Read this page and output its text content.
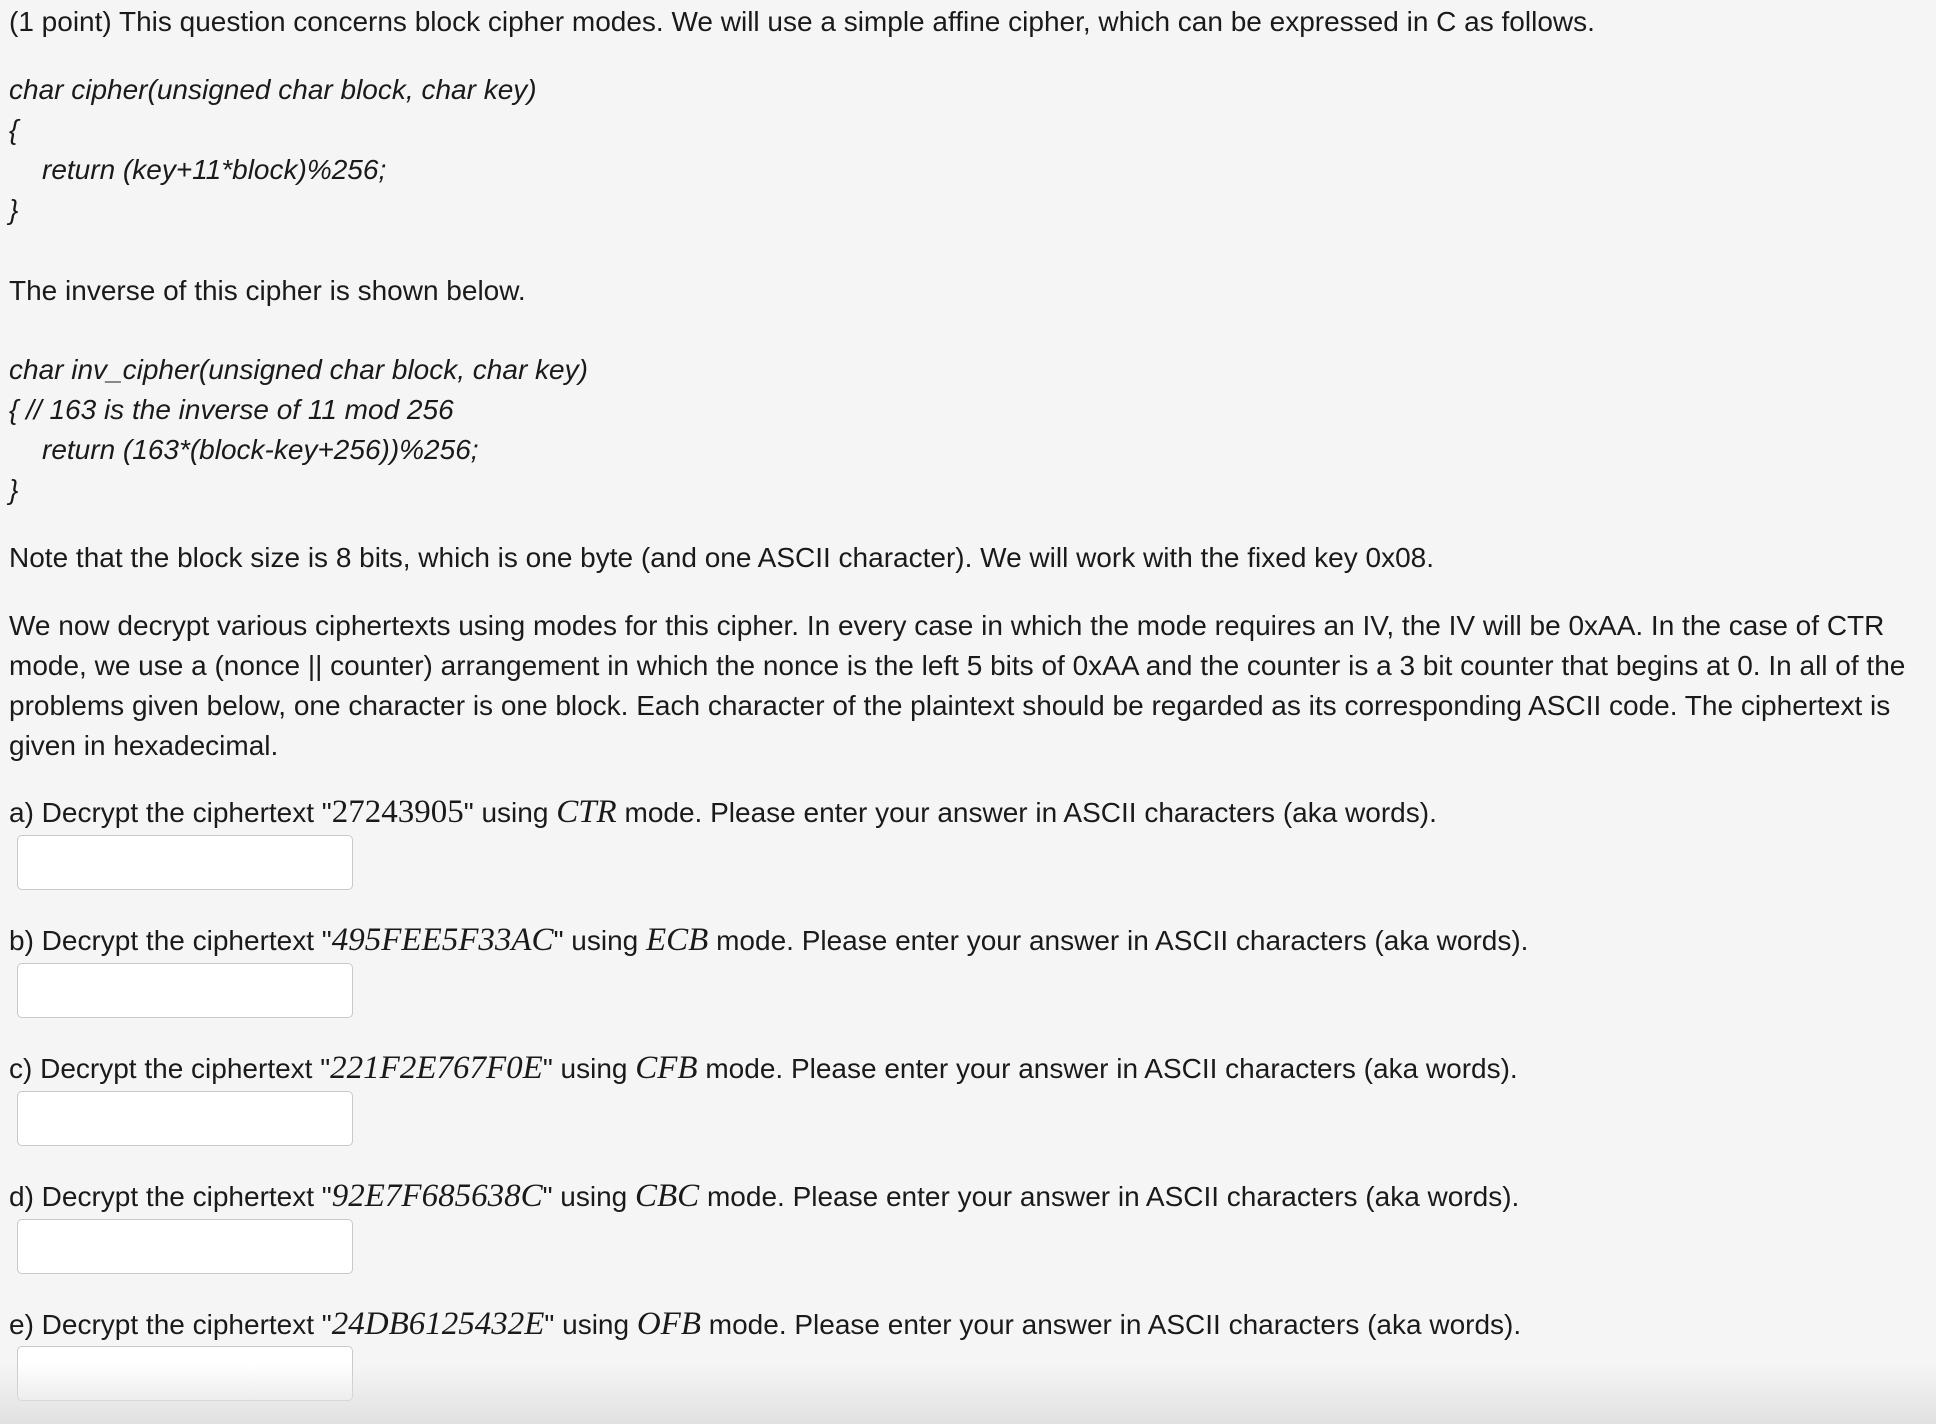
(1 point) This question concerns block cipher modes. We will use a simple affine cipher, which can be expressed in C as follows.

char cipher(unsigned char block, char key)
{
return (key+11*block)%256;
}

The inverse of this cipher is shown below.

char inv_cipher(unsigned char block, char key)
{ // 163 is the inverse of 11 mod 256
return (163*(block-key+256))%256;
}

Note that the block size is 8 bits, which is one byte (and one ASCII character). We will work with the fixed key 0x08.

We now decrypt various ciphertexts using modes for this cipher. In every case in which the mode requires an IV, the IV will be 0xAA. In the case of CTR mode, we use a (nonce || counter) arrangement in which the nonce is the left 5 bits of 0xAA and the counter is a 3 bit counter that begins at 0. In all of the problems given below, one character is one block. Each character of the plaintext should be regarded as its corresponding ASCII code. The ciphertext is given in hexadecimal.

a) Decrypt the ciphertext "27243905" using CTR mode. Please enter your answer in ASCII characters (aka words).
b) Decrypt the ciphertext "495FEE5F33AC" using ECB mode. Please enter your answer in ASCII characters (aka words).
c) Decrypt the ciphertext "221F2E767F0E" using CFB mode. Please enter your answer in ASCII characters (aka words).
d) Decrypt the ciphertext "92E7F685638C" using CBC mode. Please enter your answer in ASCII characters (aka words).
e) Decrypt the ciphertext "24DB6125432E" using OFB mode. Please enter your answer in ASCII characters (aka words).
